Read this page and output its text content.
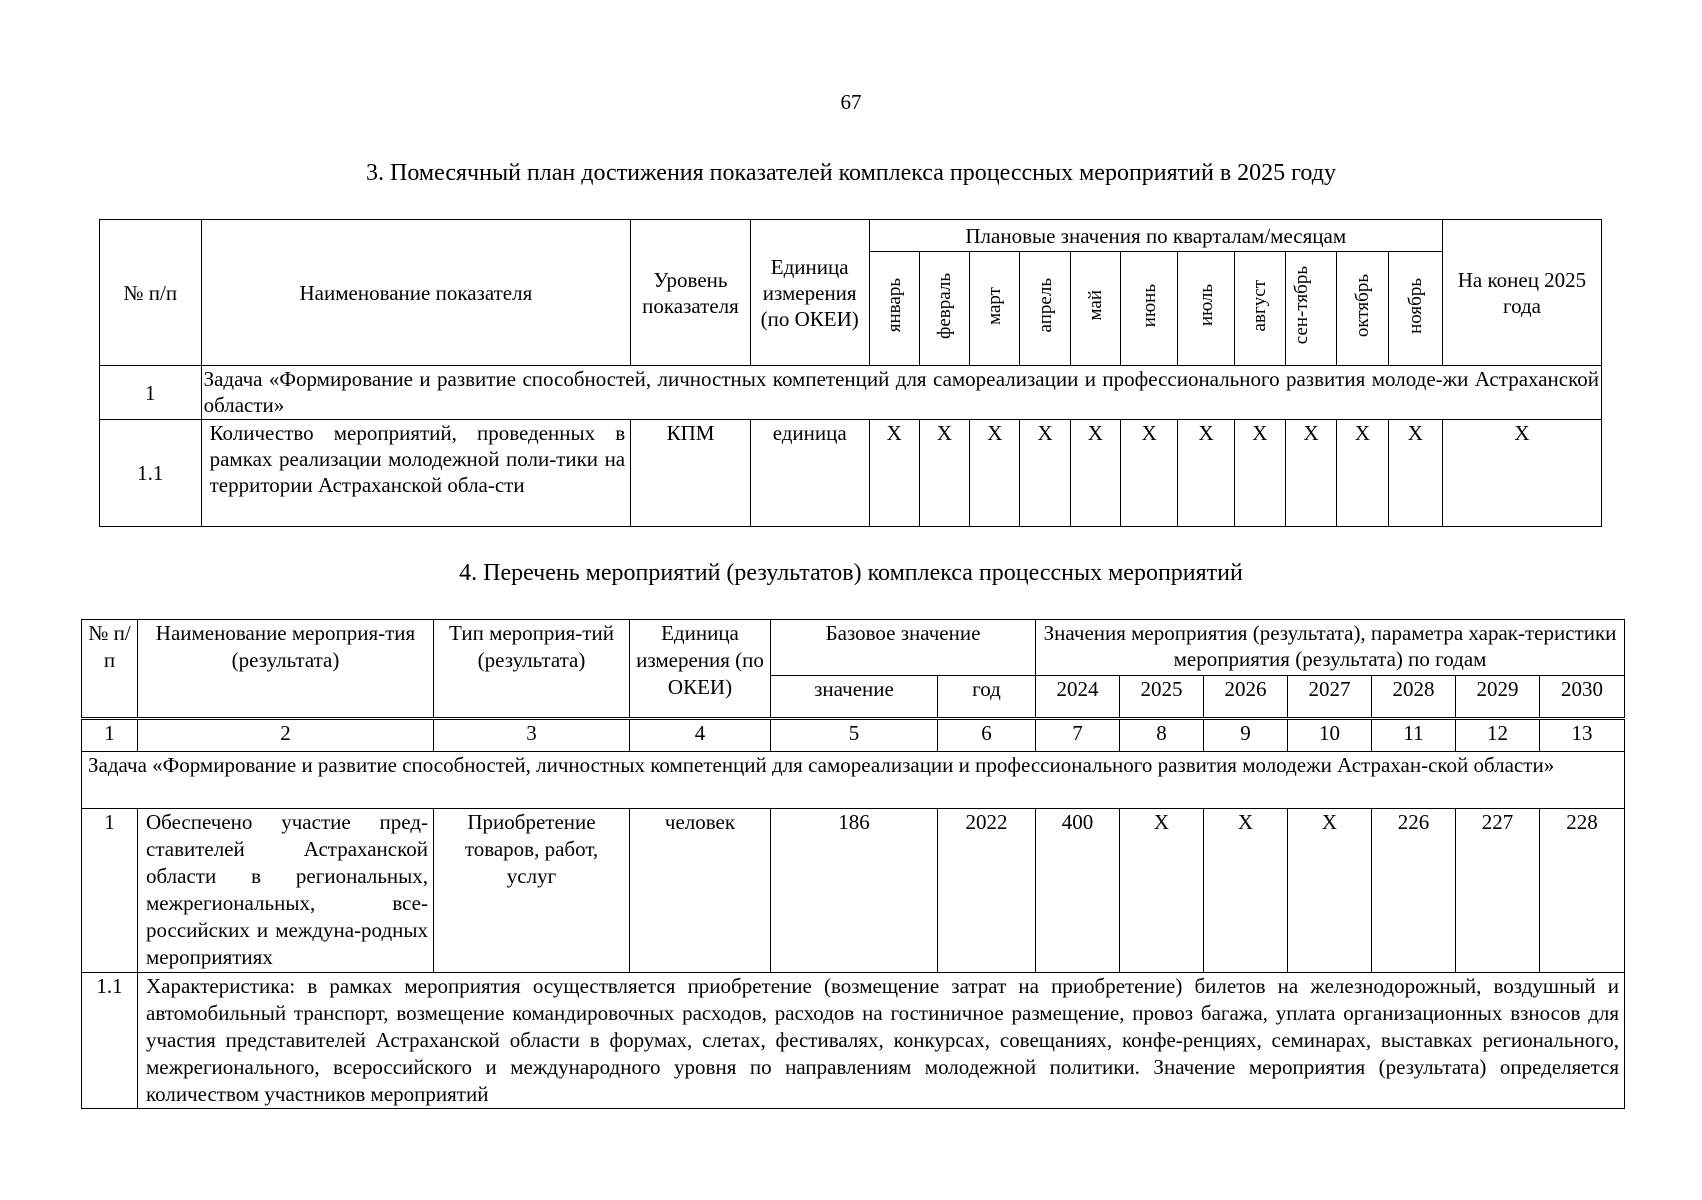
67
3. Помесячный план достижения показателей комплекса процессных мероприятий в 2025 году
№ п/п	Наименование показателя	Уровень показателя	Единица измерения (по ОКЕИ)	Плановые значения по кварталам/месяцам											На конец 2025 года
				январь	февраль	март	апрель	май	июнь	июль	август	сен-тябрь	октябрь	ноябрь	
1	Задача «Формирование и развитие способностей, личностных компетенций для самореализации и профессионального развития молоде-жи Астраханской области»														
1.1	Количество мероприятий, проведенных в рамках реализации молодежной поли-тики на территории Астраханской обла-сти	КПМ	единица	X	X	X	X	X	X	X	X	X	X	X	X
4. Перечень мероприятий (результатов) комплекса процессных мероприятий
№ п/п	Наименование мероприя-тия (результата)	Тип мероприя-тий (результата)	Единица измерения (по ОКЕИ)	Базовое значение		Значения мероприятия (результата), параметра харак-теристики мероприятия (результата) по годам						
				значение	год	2024	2025	2026	2027	2028	2029	2030
1	2	3	4	5	6	7	8	9	10	11	12	13
Задача «Формирование и развитие способностей, личностных компетенций для самореализации и профессионального развития молодежи Астрахан-ской области»												
1	Обеспечено участие пред-ставителей Астраханской области в региональных, межрегиональных, все-российских и междуна-родных мероприятиях	Приобретение товаров, работ, услуг	человек	186	2022	400	X	X	X	226	227	228
1.1	Характеристика: в рамках мероприятия осуществляется приобретение (возмещение затрат на приобретение) билетов на железнодорожный, воздушный и автомобильный транспорт, возмещение командировочных расходов, расходов на гостиничное размещение, провоз багажа, уплата организационных взносов для участия представителей Астраханской области в форумах, слетах, фестивалях, конкурсах, совещаниях, конфе-ренциях, семинарах, выставках регионального, межрегионального, всероссийского и международного уровня по направлениям молодежной политики. Значение мероприятия (результата) определяется количеством участников мероприятий											
